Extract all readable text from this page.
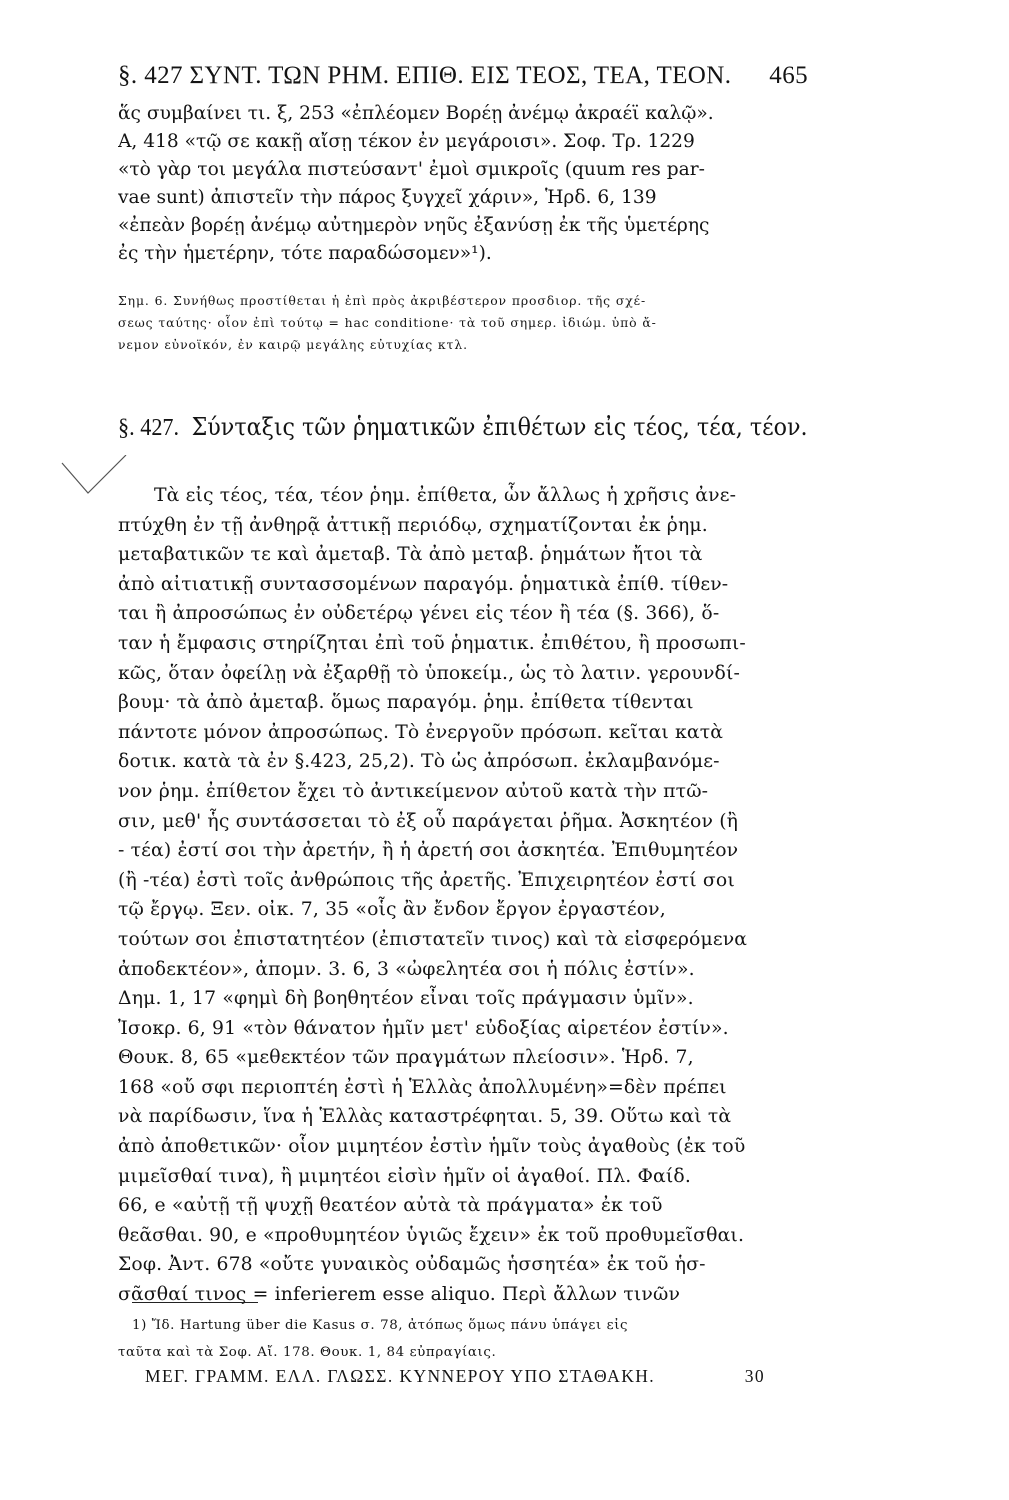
§. 427 ΣΥΝΤ. ΤΩΝ ΡΗΜ. ΕΠΙΘ. ΕΙΣ ΤΕΟΣ, ΤΕΑ, ΤΕΟΝ. 465
ἅς συμβαίνει τι. ξ, 253 «ἐπλέομεν Βορέῃ ἀνέμῳ ἀκραέϊ καλῷ».
Α, 418 «τῷ σε κακῇ αἴσῃ τέκον ἐν μεγάροισι». Σοφ. Τρ. 1229
«τὸ γὰρ τοι μεγάλα πιστεύσαντ' ἐμοὶ σμικροῖς (quum res par-
vae sunt) ἀπιστεῖν τὴν πάρος ξυγχεῖ χάριν», Ἡρδ. 6, 139
«ἐπεὰν βορέῃ ἀνέμῳ αὐτημερὸν νηῦς ἐξανύσῃ ἐκ τῆς ὑμετέρης
ἐς τὴν ἡμετέρην, τότε παραδώσομεν»¹).
Σημ. 6. Συνήθως προστίθεται ἡ ἐπὶ πρὸς ἀκριβέστερον προσδιορ. τῆς σχέ-
σεως ταύτης· οἷον ἐπὶ τούτῳ = hac conditione· τὰ τοῦ σημερ. ἰδιώμ. ὑπὸ ἄ-
νεμον εὐνοϊκόν, ἐν καιρῷ μεγάλης εὐτυχίας κτλ.
§. 427. Σύνταξις τῶν ῥηματικῶν ἐπιθέτων εἰς τέος, τέα, τέον.
Τὰ εἰς τέος, τέα, τέον ῥημ. ἐπίθετα, ὧν ἄλλως ἡ χρῆσις ἀνε-
πτύχθη ἐν τῇ ἀνθηρᾷ ἀττικῇ περιόδῳ, σχηματίζονται ἐκ ῥημ.
μεταβατικῶν τε καὶ ἀμεταβ. Τὰ ἀπὸ μεταβ. ῥημάτων ἤτοι τὰ
ἀπὸ αἰτιατικῇ συντασσομένων παραγόμ. ῥηματικὰ ἐπίθ. τίθεν-
ται ἢ ἀπροσώπως ἐν οὐδετέρῳ γένει εἰς τέον ἢ τέα (§. 366), ὅ-
ταν ἡ ἔμφασις στηρίζηται ἐπὶ τοῦ ῥηματικ. ἐπιθέτου, ἢ προσωπι-
κῶς, ὅταν ὀφείλῃ νὰ ἐξαρθῇ τὸ ὑποκείμ., ὡς τὸ λατιν. γερουνδί-
βουμ· τὰ ἀπὸ ἀμεταβ. ὅμως παραγόμ. ῥημ. ἐπίθετα τίθενται
πάντοτε μόνον ἀπροσώπως. Τὸ ἐνεργοῦν πρόσωπ. κεῖται κατὰ
δοτικ. κατὰ τὰ ἐν §.423, 25,2). Τὸ ὡς ἀπρόσωπ. ἐκλαμβανόμε-
νον ῥημ. ἐπίθετον ἔχει τὸ ἀντικείμενον αὐτοῦ κατὰ τὴν πτῶ-
σιν, μεθ' ἧς συντάσσεται τὸ ἐξ οὗ παράγεται ῥῆμα. Ἀσκητέον (ἢ
- τέα) ἐστί σοι τὴν ἀρετήν, ἢ ἡ ἀρετή σοι ἀσκητέα. Ἐπιθυμητέον
(ἢ -τέα) ἐστὶ τοῖς ἀνθρώποις τῆς ἀρετῆς. Ἐπιχειρητέον ἐστί σοι
τῷ ἔργῳ. Ξεν. οἰκ. 7, 35 «οἷς ἂν ἔνδον ἔργον ἐργαστέον,
τούτων σοι ἐπιστατητέον (ἐπιστατεῖν τινος) καὶ τὰ εἰσφερόμενα
ἀποδεκτέον», ἀπομν. 3. 6, 3 «ὠφελητέα σοι ἡ πόλις ἐστίν».
Δημ. 1, 17 «φημὶ δὴ βοηθητέον εἶναι τοῖς πράγμασιν ὑμῖν».
Ἰσοκρ. 6, 91 «τὸν θάνατον ἡμῖν μετ' εὐδοξίας αἱρετέον ἐστίν».
Θουκ. 8, 65 «μεθεκτέον τῶν πραγμάτων πλείοσιν». Ἡρδ. 7,
168 «οὔ σφι περιοπτέη ἐστὶ ἡ Ἑλλὰς ἀπολλυμένη»=δὲν πρέπει
νὰ παρίδωσιν, ἵνα ἡ Ἑλλὰς καταστρέφηται. 5, 39. Οὕτω καὶ τὰ
ἀπὸ ἀποθετικῶν· οἷον μιμητέον ἐστὶν ἡμῖν τοὺς ἀγαθοὺς (ἐκ τοῦ
μιμεῖσθαί τινα), ἢ μιμητέοι εἰσὶν ἡμῖν οἱ ἀγαθοί. Πλ. Φαίδ.
66, e «αὐτῇ τῇ ψυχῇ θεατέον αὐτὰ τὰ πράγματα» ἐκ τοῦ
θεᾶσθαι. 90, e «προθυμητέον ὑγιῶς ἔχειν» ἐκ τοῦ προθυμεῖσθαι.
Σοφ. Ἀντ. 678 «οὔτε γυναικὸς οὐδαμῶς ἡσσητέα» ἐκ τοῦ ἡσ-
σᾶσθαί τινος = inferierem esse aliquo. Περὶ ἄλλων τινῶν
1) Ἴδ. Hartung über die Kasus σ. 78, ἀτόπως ὅμως πάνυ ὑπάγει εἰς
ταῦτα καὶ τὰ Σοφ. Αἴ. 178. Θουκ. 1, 84 εὐπραγίαις.
ΜΕΓ. ΓΡΑΜΜ. ΕΛΛ. ΓΛΩΣΣ. ΚΥΝΝΕΡΟΥ ΥΠΟ ΣΤΑΘΑΚΗ.	30
